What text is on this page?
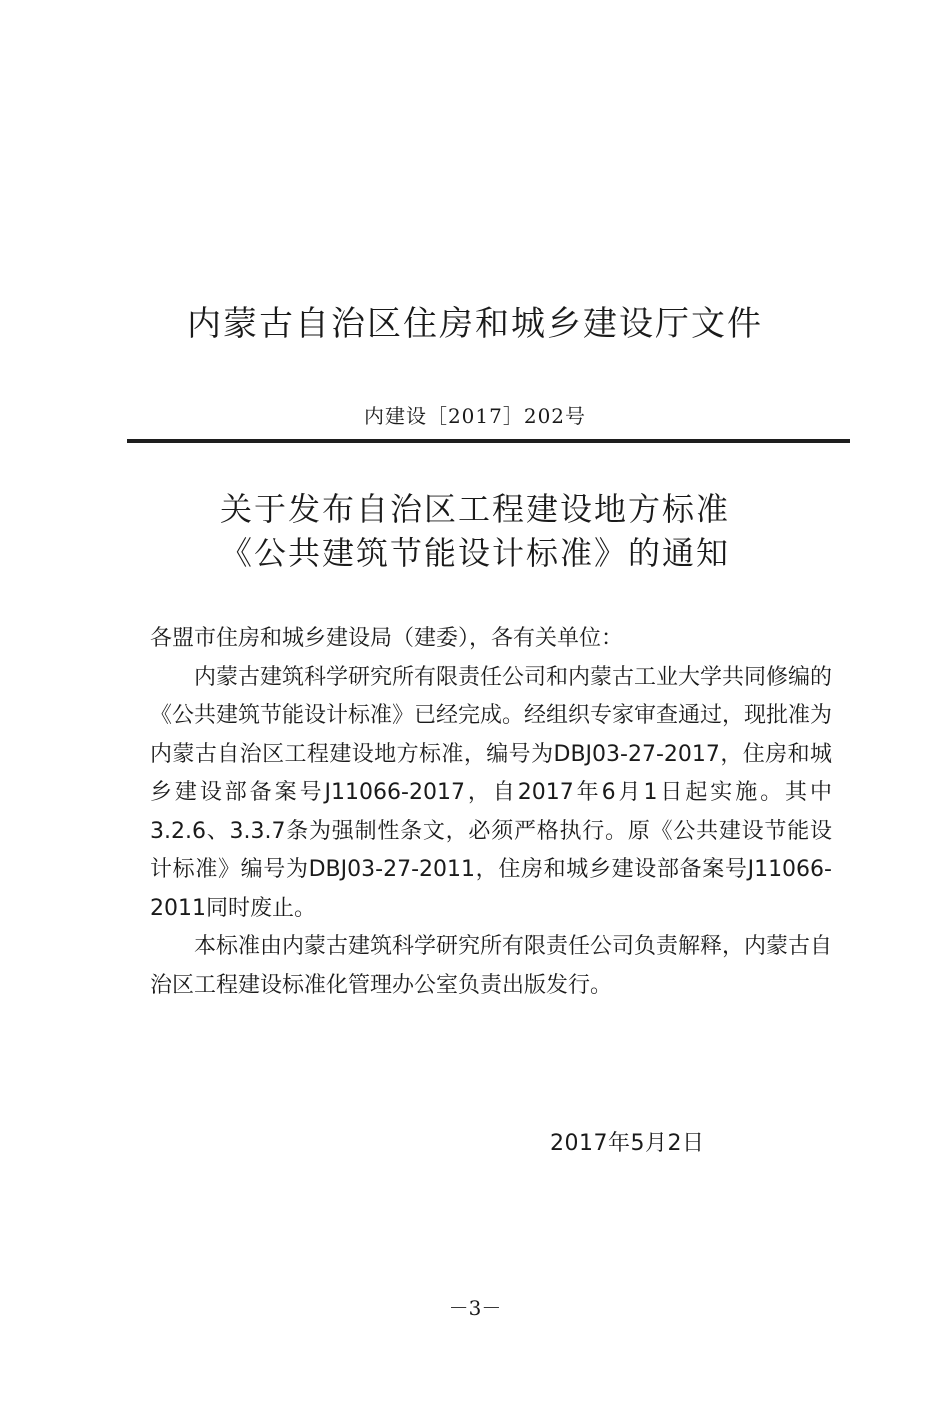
内蒙古自治区住房和城乡建设厅文件
内建设［2017］202号
关于发布自治区工程建设地方标准
《公共建筑节能设计标准》的通知

各盟市住房和城乡建设局（建委），各有关单位：

内蒙古建筑科学研究所有限责任公司和内蒙古工业大学共同修编的《公共建筑节能设计标准》已经完成。经组织专家审查通过，现批准为内蒙古自治区工程建设地方标准，编号为DBJ03-27-2017，住房和城乡建设部备案号J11066-2017，自2017年6月1日起实施。其中3.2.6、3.3.7条为强制性条文，必须严格执行。原《公共建设节能设计标准》编号为DBJ03-27-2011，住房和城乡建设部备案号J11066-2011同时废止。

本标准由内蒙古建筑科学研究所有限责任公司负责解释，内蒙古自治区工程建设标准化管理办公室负责出版发行。

2017年5月2日
－3－
